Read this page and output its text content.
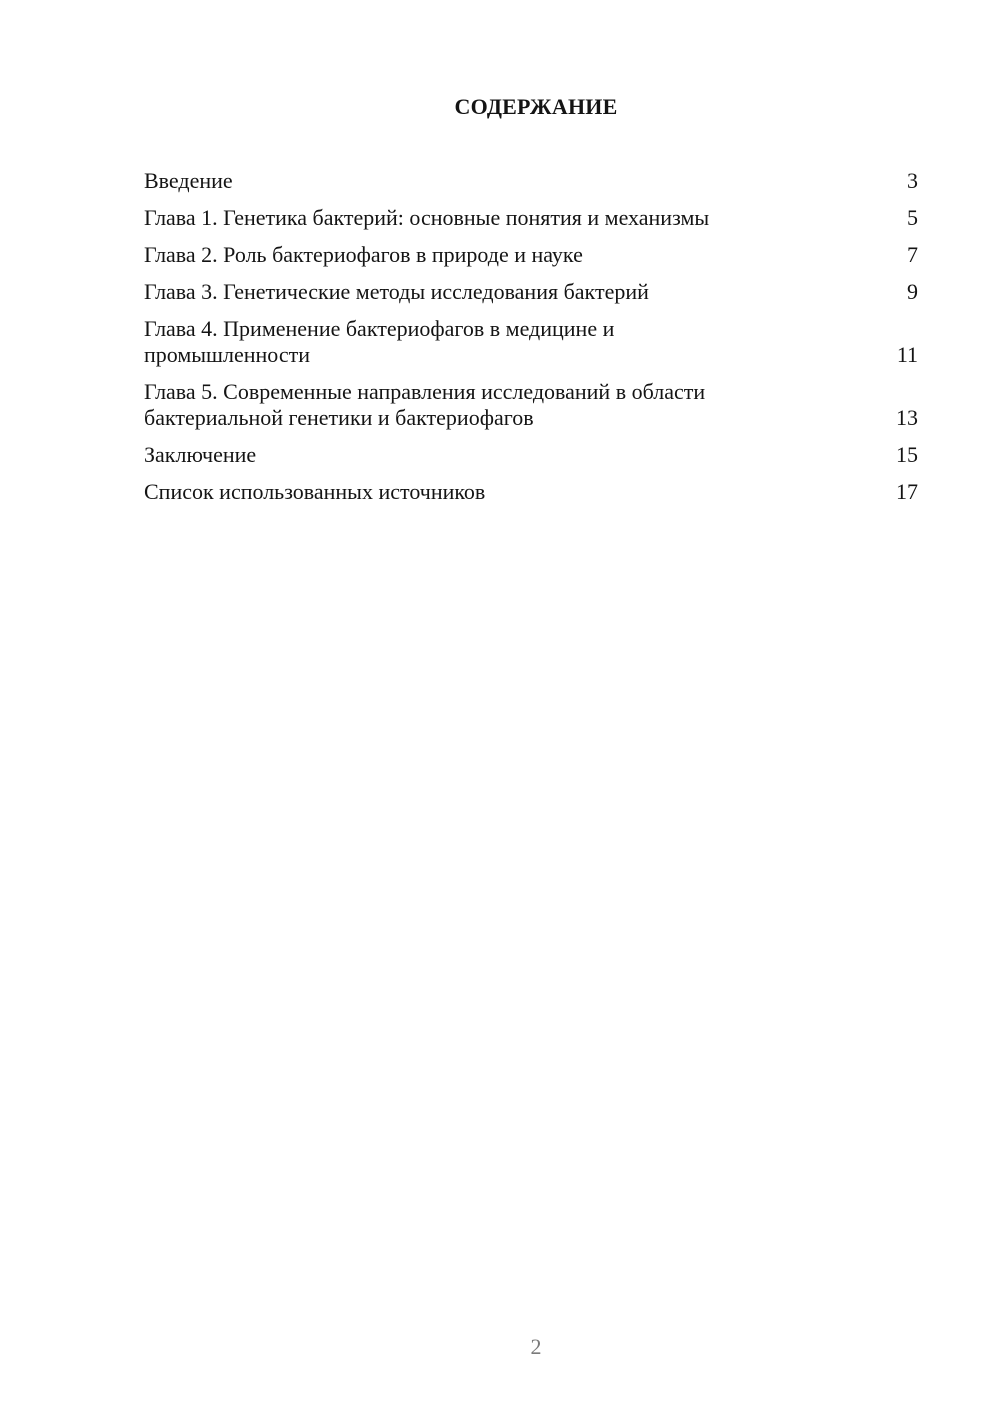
СОДЕРЖАНИЕ
Введение	3
Глава 1. Генетика бактерий: основные понятия и механизмы	5
Глава 2. Роль бактериофагов в природе и науке	7
Глава 3. Генетические методы исследования бактерий	9
Глава 4. Применение бактериофагов в медицине и промышленности	11
Глава 5. Современные направления исследований в области бактериальной генетики и бактериофагов	13
Заключение	15
Список использованных источников	17
2
